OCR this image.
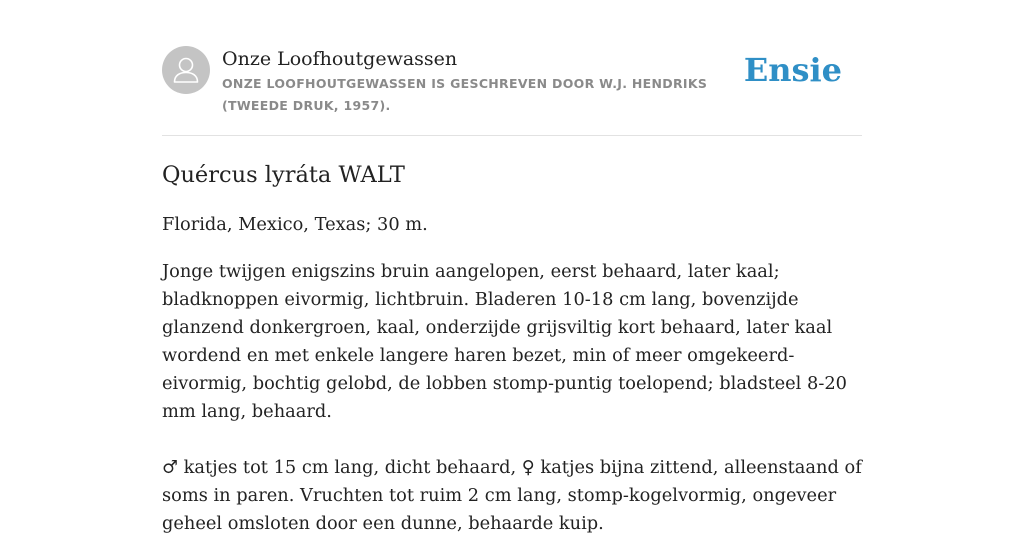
Onze Loofhoutgewassen
ONZE LOOFHOUTGEWASSEN IS GESCHREVEN DOOR W.J. HENDRIKS (TWEEDE DRUK, 1957).
Ensie
Quércus lyráta WALT

Florida, Mexico, Texas; 30 m.

Jonge twijgen enigszins bruin aangelopen, eerst behaard, later kaal; bladknoppen eivormig, lichtbruin. Bladeren 10-18 cm lang, bovenzijde glanzend donkergroen, kaal, onderzijde grijsviltig kort behaard, later kaal wordend en met enkele langere haren bezet, min of meer omgekeerd-eivormig, bochtig gelobd, de lobben stomp-puntig toelopend; bladsteel 8-20 mm lang, behaard.

♂ katjes tot 15 cm lang, dicht behaard, ♀ katjes bijna zittend, alleenstaand of soms in paren. Vruchten tot ruim 2 cm lang, stomp-kogelvormig, ongeveer geheel omsloten door een dunne, behaarde kuip.
